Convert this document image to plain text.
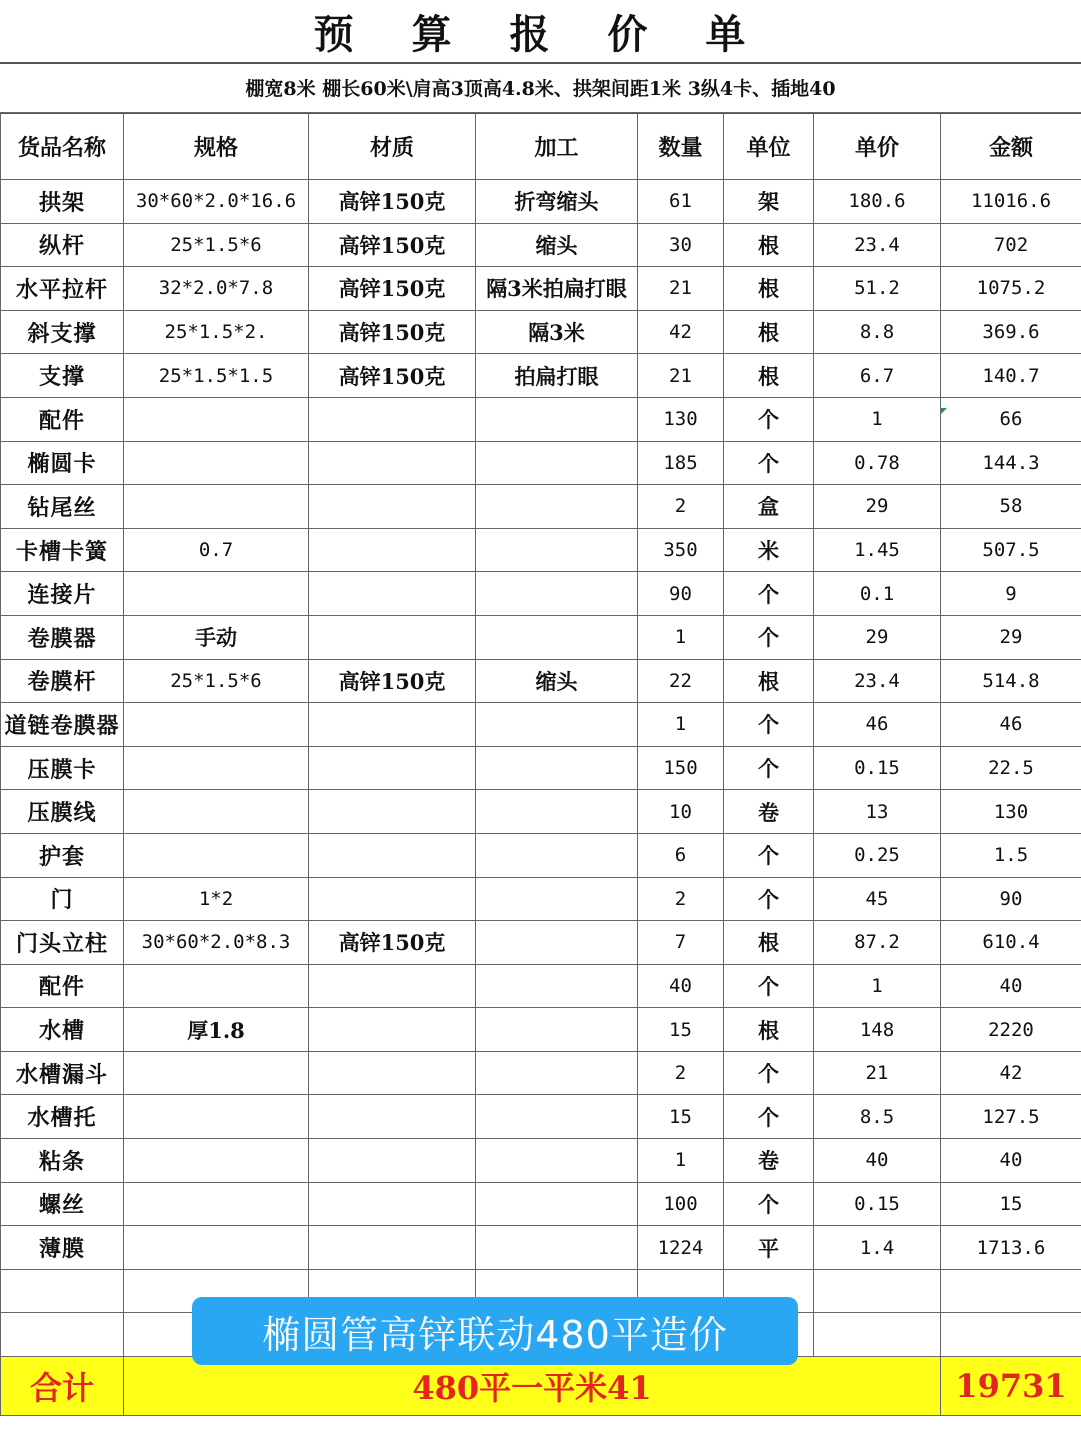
预 算 报 价 单
棚宽8米 棚长60米\肩高3顶高4.8米、拱架间距1米 3纵4卡、插地40
货品名称	规格	材质	加工	数量	单位	单价	金额
拱架	30*60*2.0*16.6	高锌150克	折弯缩头	61	架	180.6	11016.6
纵杆	25*1.5*6	高锌150克	缩头	30	根	23.4	702
水平拉杆	32*2.0*7.8	高锌150克	隔3米拍扁打眼	21	根	51.2	1075.2
斜支撑	25*1.5*2.	高锌150克	隔3米	42	根	8.8	369.6
支撑	25*1.5*1.5	高锌150克	拍扁打眼	21	根	6.7	140.7
配件				130	个	1	66
椭圆卡				185	个	0.78	144.3
钻尾丝				2	盒	29	58
卡槽卡簧	0.7			350	米	1.45	507.5
连接片				90	个	0.1	9
卷膜器	手动			1	个	29	29
卷膜杆	25*1.5*6	高锌150克	缩头	22	根	23.4	514.8
道链卷膜器				1	个	46	46
压膜卡				150	个	0.15	22.5
压膜线				10	卷	13	130
护套				6	个	0.25	1.5
门	1*2			2	个	45	90
门头立柱	30*60*2.0*8.3	高锌150克		7	根	87.2	610.4
配件				40	个	1	40
水槽	厚1.8			15	根	148	2220
水槽漏斗				2	个	21	42
水槽托				15	个	8.5	127.5
粘条				1	卷	40	40
螺丝				100	个	0.15	15
薄膜				1224	平	1.4	1713.6

合计	480平一平米41						19731
椭圆管高锌联动480平造价
